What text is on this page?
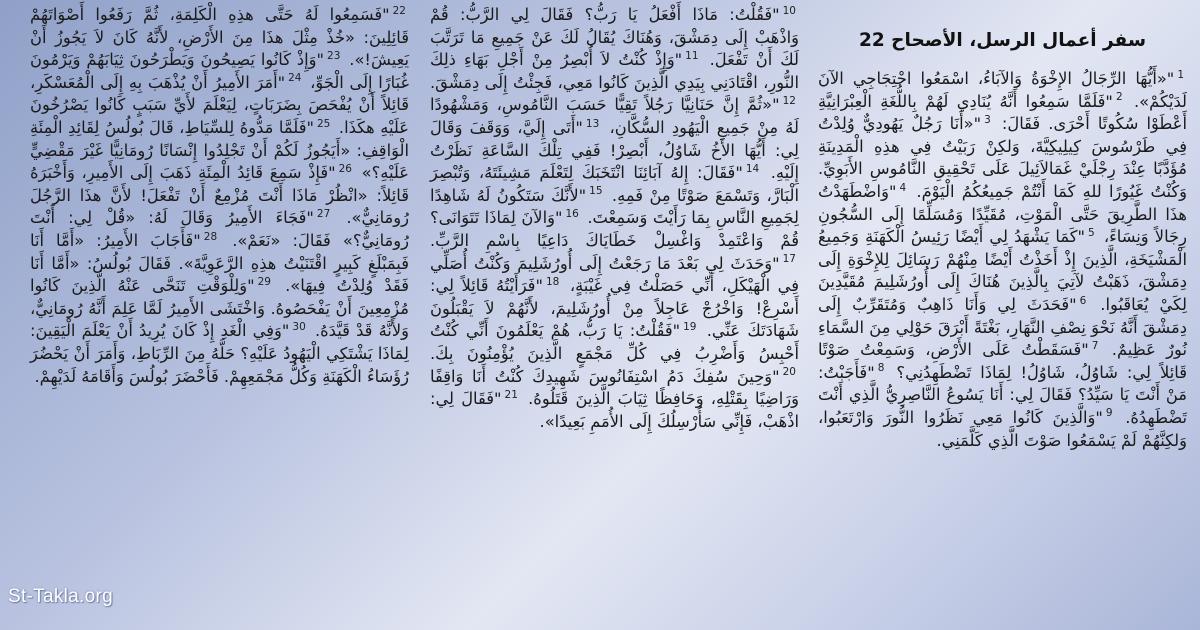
سفر أعمال الرسل، الأصحاح 22
$^1$"«أَيُّهَا الرِّجَالُ الإِخْوَةُ وَالآبَاءُ، اسْمَعُوا احْتِجَاجِي الآنَ لَدَيْكُمْ». $^2$"فَلَمَّا سَمِعُوا أَنَّهُ يُنَادِي لَهُمْ بِاللُّغَةِ الْعِبْرَانِيَّةِ أَعْطَوْا سُكُوتًا أَحْرَى. فَقَالَ: $^3$"«أَنَا رَجُلٌ يَهُودِيٌّ وُلِدْتُ فِي طَرْسُوسَ كِيلِيكِيَّةَ، وَلكِنْ رَبَيْتُ فِي هذِهِ الْمَدِينَةِ مُؤَدَّبًا عِنْدَ رِجْلَيْ غَمَالاَئِيلَ عَلَى تَحْقِيقِ النَّامُوسِ الأَبَوِيِّ. وَكُنْتُ غَيُورًا للهِ كَمَا أَنْتُمْ جَمِيعُكُمُ الْيَوْمَ. $^4$"وَاضْطَهَدْتُ هذَا الطَّرِيقَ حَتَّى الْمَوْتِ، مُقَيِّدًا وَمُسَلِّمًا إِلَى السُّجُونِ رِجَالاً وَنِسَاءً، $^5$"كَمَا يَشْهَدُ لِي أَيْضًا رَئِيسُ الْكَهَنَةِ وَجَمِيعُ الْمَشْيَخَةِ، الَّذِينَ إِذْ أَخَذْتُ أَيْضًا مِنْهُمْ رَسَائِلَ لِلإِخْوَةِ إِلَى دِمَشْقَ، ذَهَبْتُ لآتِيَ بِالَّذِينَ هُنَاكَ إِلَى أُورُشَلِيمَ مُقَيَّدِينَ لِكَيْ يُعَاقَبُوا. $^6$"فَحَدَثَ لِي وَأَنَا ذَاهِبٌ وَمُتَقَرِّبٌ إِلَى دِمَشْقَ أَنَّهُ نَحْوَ نِصْفِ النَّهَارِ، بَغْتَةً أَبْرَقَ حَوْلِي مِنَ السَّمَاءِ نُورٌ عَظِيمٌ. $^7$"فَسَقَطْتُ عَلَى الأَرْضِ، وَسَمِعْتُ صَوْتًا قَائِلاً لِي: شَاوُلُ، شَاوُلُ! لِمَاذَا تَضْطَهِدُنِي؟ $^8$"فَأَجَبْتُ: مَنْ أَنْتَ يَا سَيِّدُ؟ فَقَالَ لِي: أَنَا يَسُوعُ النَّاصِرِيُّ الَّذِي أَنْتَ تَضْطَهِدُهُ. $^9$"وَالَّذِينَ كَانُوا مَعِي نَظَرُوا النُّورَ وَارْتَعَبُوا، وَلكِنَّهُمْ لَمْ يَسْمَعُوا صَوْتَ الَّذِي كَلَّمَنِي.
$^{10}$"فَقُلْتُ: مَاذَا أَفْعَلُ يَا رَبُّ؟ فَقَالَ لِي الرَّبُّ: قُمْ وَاذْهَبْ إِلَى دِمَشْقَ، وَهُنَاكَ يُقَالُ لَكَ عَنْ جَمِيعِ مَا تَرَتَّبَ لَكَ أَنْ تَفْعَلَ. $^{11}$"وَإِذْ كُنْتُ لاَ أُبْصِرُ مِنْ أَجْلِ بَهَاءِ ذلِكَ النُّورِ، اقْتَادَنِي بِيَدِي الَّذِينَ كَانُوا مَعِي، فَجِئْتُ إِلَى دِمَشْقَ. $^{12}$"«ثُمَّ إِنَّ حَنَانِيَّا رَجُلاً تَقِيًّا حَسَبَ النَّامُوسِ، وَمَشْهُودًا لَهُ مِنْ جَمِيعِ الْيَهُودِ السُّكَّانِ، $^{13}$"أَتَى إِلَيَّ، وَوَقَفَ وَقَالَ لِي: أَيُّهَا الأَخُ شَاوُلُ، أَبْصِرْ! فَفِي تِلْكَ السَّاعَةِ نَظَرْتُ إِلَيْهِ. $^{14}$"فَقَالَ: إِلهُ آبَائِنَا انْتَخَبَكَ لِتَعْلَمَ مَشِيئَتَهُ، وَتُبْصِرَ الْبَارَّ، وَتَسْمَعَ صَوْتًا مِنْ فَمِهِ. $^{15}$"لأَنَّكَ سَتَكُونُ لَهُ شَاهِدًا لِجَمِيعِ النَّاسِ بِمَا رَأَيْتَ وَسَمِعْتَ. $^{16}$"وَالآنَ لِمَاذَا تَتَوَانَى؟ قُمْ وَاعْتَمِدْ وَاغْسِلْ خَطَايَاكَ دَاعِيًا بِاسْمِ الرَّبِّ. $^{17}$"وَحَدَثَ لِي بَعْدَ مَا رَجَعْتُ إِلَى أُورُشَلِيمَ وَكُنْتُ أُصَلِّي فِي الْهَيْكَلِ، أَنِّي حَصَلْتُ فِي غَيْبَةٍ، $^{18}$"فَرَأَيْتُهُ قَائِلاً لِي: أَسْرِعْ! وَاخْرُجْ عَاجِلاً مِنْ أُورُشَلِيمَ، لأَنَّهُمْ لاَ يَقْبَلُونَ شَهَادَتَكَ عَنِّي. $^{19}$"فَقُلْتُ: يَا رَبُّ، هُمْ يَعْلَمُونَ أَنِّي كُنْتُ أَحْبِسُ وَأَضْرِبُ فِي كُلِّ مَجْمَعٍ الَّذِينَ يُؤْمِنُونَ بِكَ. $^{20}$"وَحِينَ سُفِكَ دَمُ اسْتِفَانُوسَ شَهِيدِكَ كُنْتُ أَنَا وَاقِفًا وَرَاضِيًا بِقَتْلِهِ، وَحَافِظًا ثِيَابَ الَّذِينَ قَتَلُوهُ. $^{21}$"فَقَالَ لِي: اذْهَبْ، فَإِنِّي سَأُرْسِلُكَ إِلَى الأُمَمِ بَعِيدًا».
$^{22}$"فَسَمِعُوا لَهُ حَتَّى هذِهِ الْكَلِمَةِ، ثُمَّ رَفَعُوا أَصْوَاتَهُمْ قَائِلِينَ: «خُذْ مِثْلَ هذَا مِنَ الأَرْضِ، لأَنَّهُ كَانَ لاَ يَجُوزُ أَنْ يَعِيشَ!». $^{23}$"وَإِذْ كَانُوا يَصِيحُونَ وَيَطْرَحُونَ ثِيَابَهُمْ وَيَرْمُونَ غُبَارًا إِلَى الْجَوِّ، $^{24}$"أَمَرَ الأَمِيرُ أَنْ يُذْهَبَ بِهِ إِلَى الْمُعَسْكَرِ، قَائِلاً أَنْ يُفْحَصَ بِضَرَبَاتٍ، لِيَعْلَمَ لأَيِّ سَبَبٍ كَانُوا يَصْرُخُونَ عَلَيْهِ هكَذَا. $^{25}$"فَلَمَّا مَدُّوهُ لِلسِّيَاطِ، قَالَ بُولُسُ لِقَائِدِ الْمِئَةِ الْوَاقِفِ: «أَيَجُوزُ لَكُمْ أَنْ تَجْلِدُوا إِنْسَانًا رُومَانِيًّا غَيْرَ مَقْضِيٍّ عَلَيْهِ؟» $^{26}$"فَإِذْ سَمِعَ قَائِدُ الْمِئَةِ ذَهَبَ إِلَى الأَمِيرِ، وَأَخْبَرَهُ قَائِلاً: «انْظُرْ مَاذَا أَنْتَ مُزْمِعٌ أَنْ تَفْعَلَ! لأَنَّ هذَا الرَّجُلَ رُومَانِيٌّ». $^{27}$"فَجَاءَ الأَمِيرُ وَقَالَ لَهُ: «قُلْ لِي: أَنْتَ رُومَانِيٌّ؟» فَقَالَ: «نَعَمْ». $^{28}$"فَأَجَابَ الأَمِيرُ: «أَمَّا أَنَا فَبِمَبْلَغٍ كَبِيرٍ اقْتَنَيْتُ هذِهِ الرَّعَوِيَّةَ». فَقَالَ بُولُسُ: «أَمَّا أَنَا فَقَدْ وُلِدْتُ فِيهَا». $^{29}$"وَلِلْوَقْتِ تَنَحَّى عَنْهُ الَّذِينَ كَانُوا مُزْمِعِينَ أَنْ يَفْحَصُوهُ. وَاخْتَشَى الأَمِيرُ لَمَّا عَلِمَ أَنَّهُ رُومَانِيٌّ، وَلأَنَّهُ قَدْ قَيَّدَهُ. $^{30}$"وَفِي الْغَدِ إِذْ كَانَ يُرِيدُ أَنْ يَعْلَمَ الْيَقِينَ: لِمَاذَا يَشْتَكِي الْيَهُودُ عَلَيْهِ؟ حَلَّهُ مِنَ الرِّبَاطِ، وَأَمَرَ أَنْ يَحْضُرَ رُؤَسَاءُ الْكَهَنَةِ وَكُلُّ مَجْمَعِهِمْ. فَأَحْضَرَ بُولُسَ وَأَقَامَهُ لَدَيْهِمْ.
St-Takla.org
